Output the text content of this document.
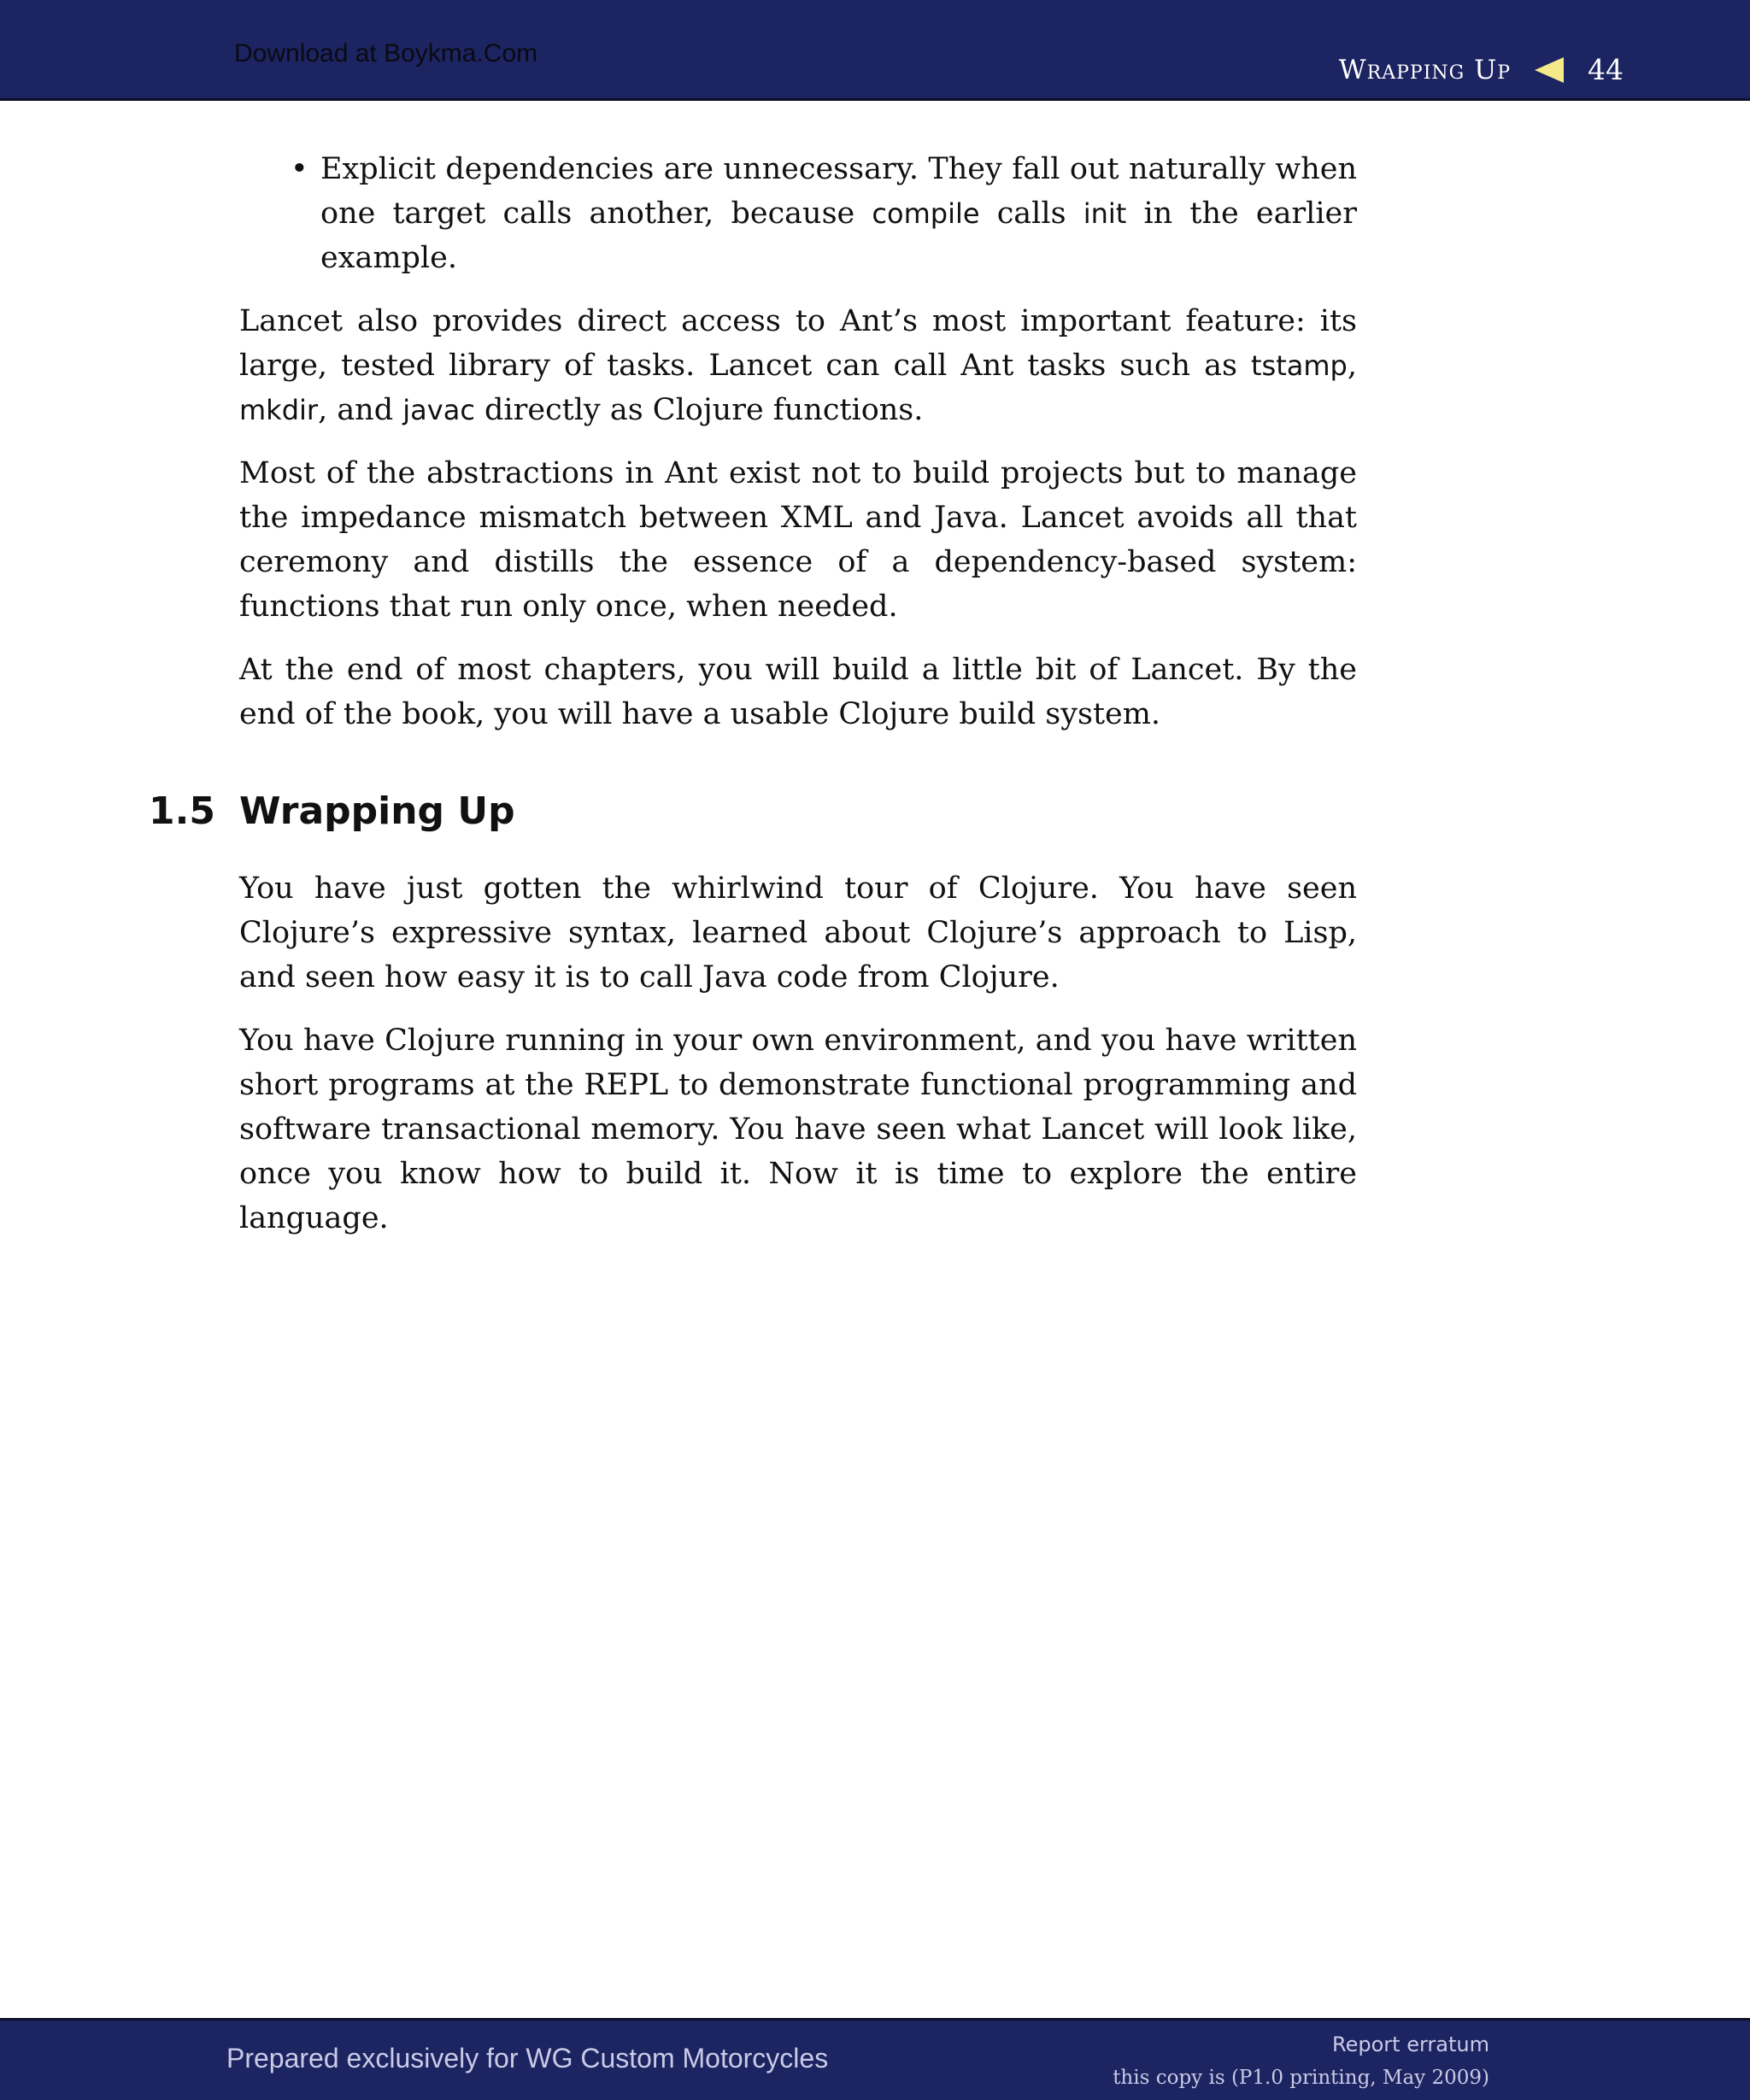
Download at Boykma.Com
Wrapping Up	44

• Explicit dependencies are unnecessary. They fall out naturally when one target calls another, because compile calls init in the earlier example.

Lancet also provides direct access to Ant’s most important feature: its large, tested library of tasks. Lancet can call Ant tasks such as tstamp, mkdir, and javac directly as Clojure functions.

Most of the abstractions in Ant exist not to build projects but to manage the impedance mismatch between XML and Java. Lancet avoids all that ceremony and distills the essence of a dependency-based system: functions that run only once, when needed.

At the end of most chapters, you will build a little bit of Lancet. By the end of the book, you will have a usable Clojure build system.

1.5 Wrapping Up

You have just gotten the whirlwind tour of Clojure. You have seen Clojure’s expressive syntax, learned about Clojure’s approach to Lisp, and seen how easy it is to call Java code from Clojure.

You have Clojure running in your own environment, and you have written short programs at the REPL to demonstrate functional programming and software transactional memory. You have seen what Lancet will look like, once you know how to build it. Now it is time to explore the entire language.

Prepared exclusively for WG Custom Motorcycles	Report erratum
this copy is (P1.0 printing, May 2009)
